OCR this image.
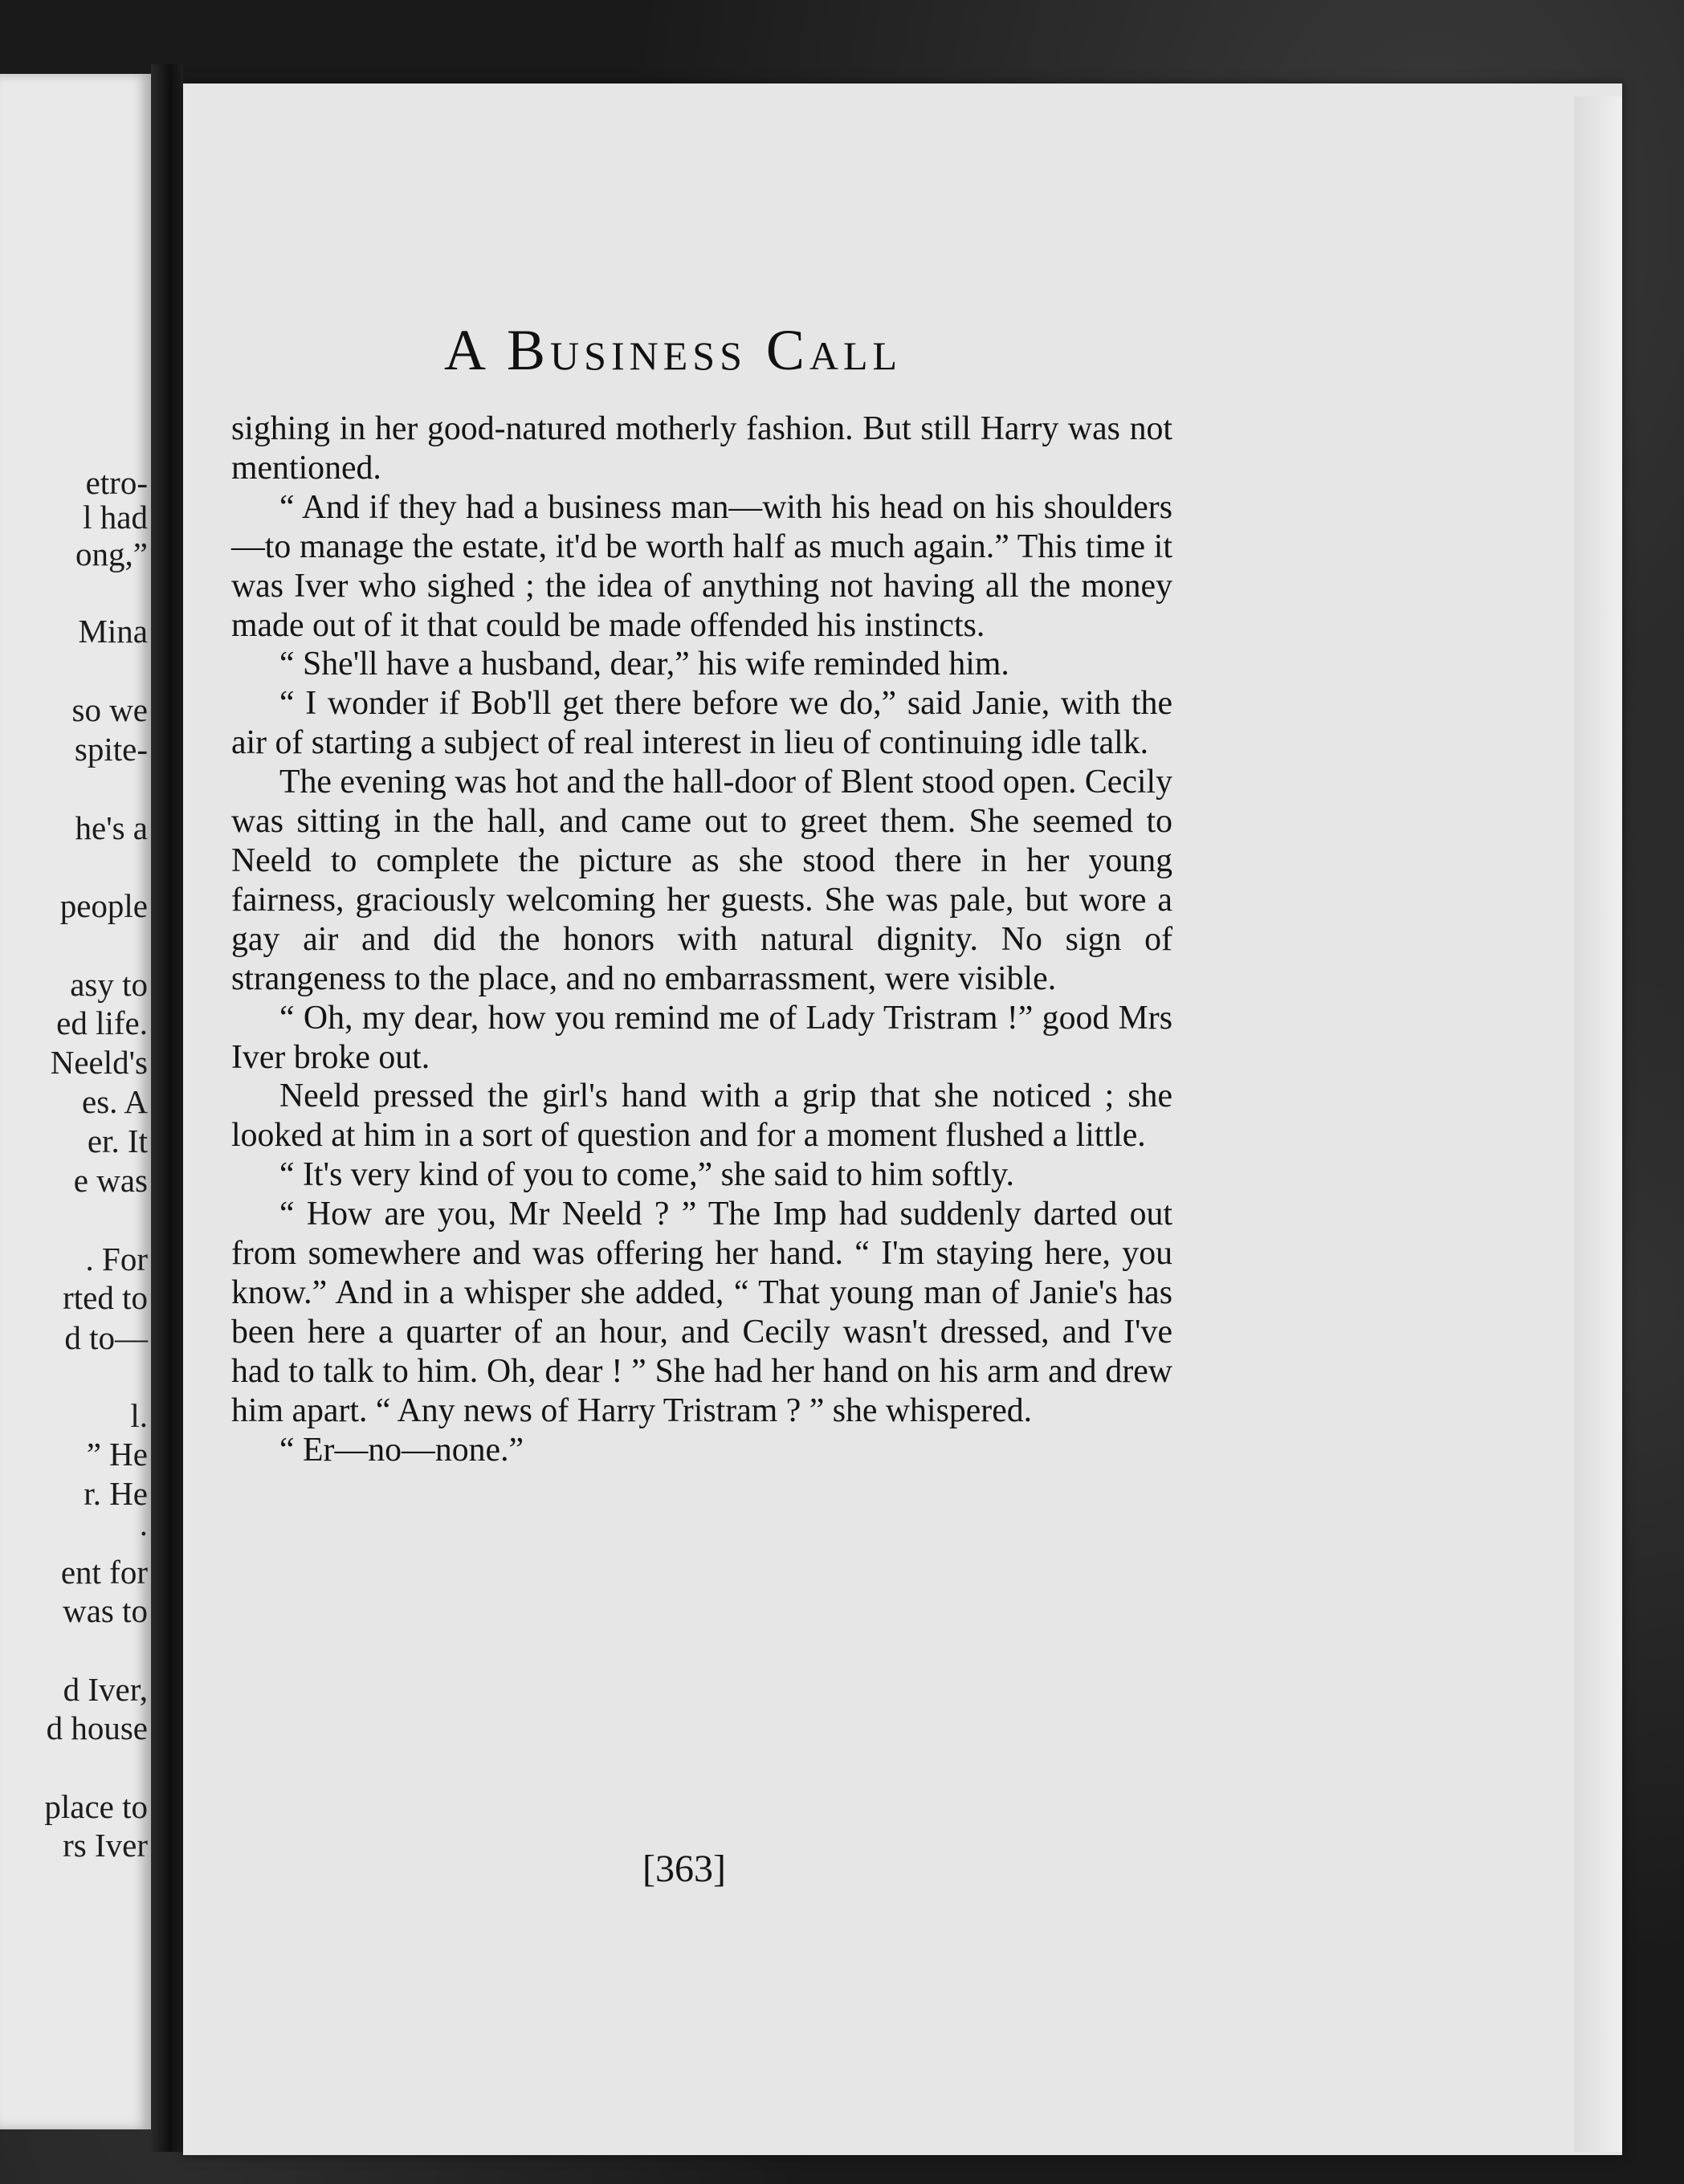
etro-
l had
ong,”
Mina
so we
spite-
he's a
people
asy to
ed life.
Neeld's
es. A
er. It
e was
. For
rted to
d to—
l.
” He
r. He
.
ent for
was to
d Iver,
d house
place to
rs Iver
A Business Call

sighing in her good-natured motherly fashion. But still Harry was not mentioned.

“ And if they had a business man—with his head on his shoulders—to manage the estate, it'd be worth half as much again.” This time it was Iver who sighed ; the idea of anything not having all the money made out of it that could be made offended his instincts.

“ She'll have a husband, dear,” his wife reminded him.

“ I wonder if Bob'll get there before we do,” said Janie, with the air of starting a subject of real interest in lieu of continuing idle talk.

The evening was hot and the hall-door of Blent stood open. Cecily was sitting in the hall, and came out to greet them. She seemed to Neeld to complete the picture as she stood there in her young fairness, graciously welcoming her guests. She was pale, but wore a gay air and did the honors with natural dignity. No sign of strangeness to the place, and no embarrassment, were visible.

“ Oh, my dear, how you remind me of Lady Tristram !” good Mrs Iver broke out.

Neeld pressed the girl's hand with a grip that she noticed ; she looked at him in a sort of question and for a moment flushed a little.

“ It's very kind of you to come,” she said to him softly.

“ How are you, Mr Neeld ? ” The Imp had suddenly darted out from somewhere and was offering her hand. “ I'm staying here, you know.” And in a whisper she added, “ That young man of Janie's has been here a quarter of an hour, and Cecily wasn't dressed, and I've had to talk to him. Oh, dear ! ” She had her hand on his arm and drew him apart. “ Any news of Harry Tristram ? ” she whispered.

“ Er—no—none.”

[363]
